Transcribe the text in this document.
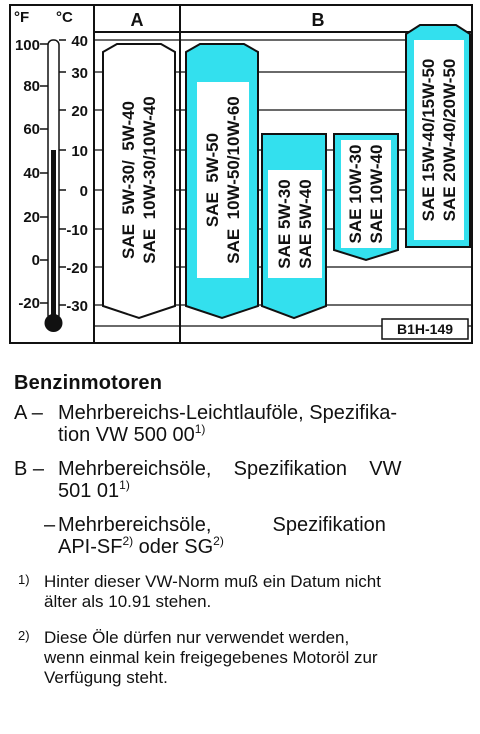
A	B
°F °C
100
80
60
40
20
0
-20
40
30
20
10
0
-10
-20
-30
SAE  5W-30/  5W-40 SAE  10W-30/10W-40	SAE  5W-50 SAE  10W-50/10W-60 SAE 5W-30 SAE 5W-40 SAE 10W-30 SAE 10W-40 SAE 15W-40/15W-50 SAE 20W-40/20W-50
B1H-149
Benzinmotoren
A – Mehrbereichs-Leichtlauföle, Spezifika-
tion VW 500 00$^{1)}$
B – Mehrbereichsöle,    Spezifikation    VW
501 01$^{1)}$
– Mehrbereichsöle,           Spezifikation
API-SF$^{2)}$ oder SG$^{2)}$
1) Hinter dieser VW-Norm muß ein Datum nicht
älter als 10.91 stehen.
2) Diese Öle dürfen nur verwendet werden,
wenn einmal kein freigegebenes Motoröl zur
Verfügung steht.
